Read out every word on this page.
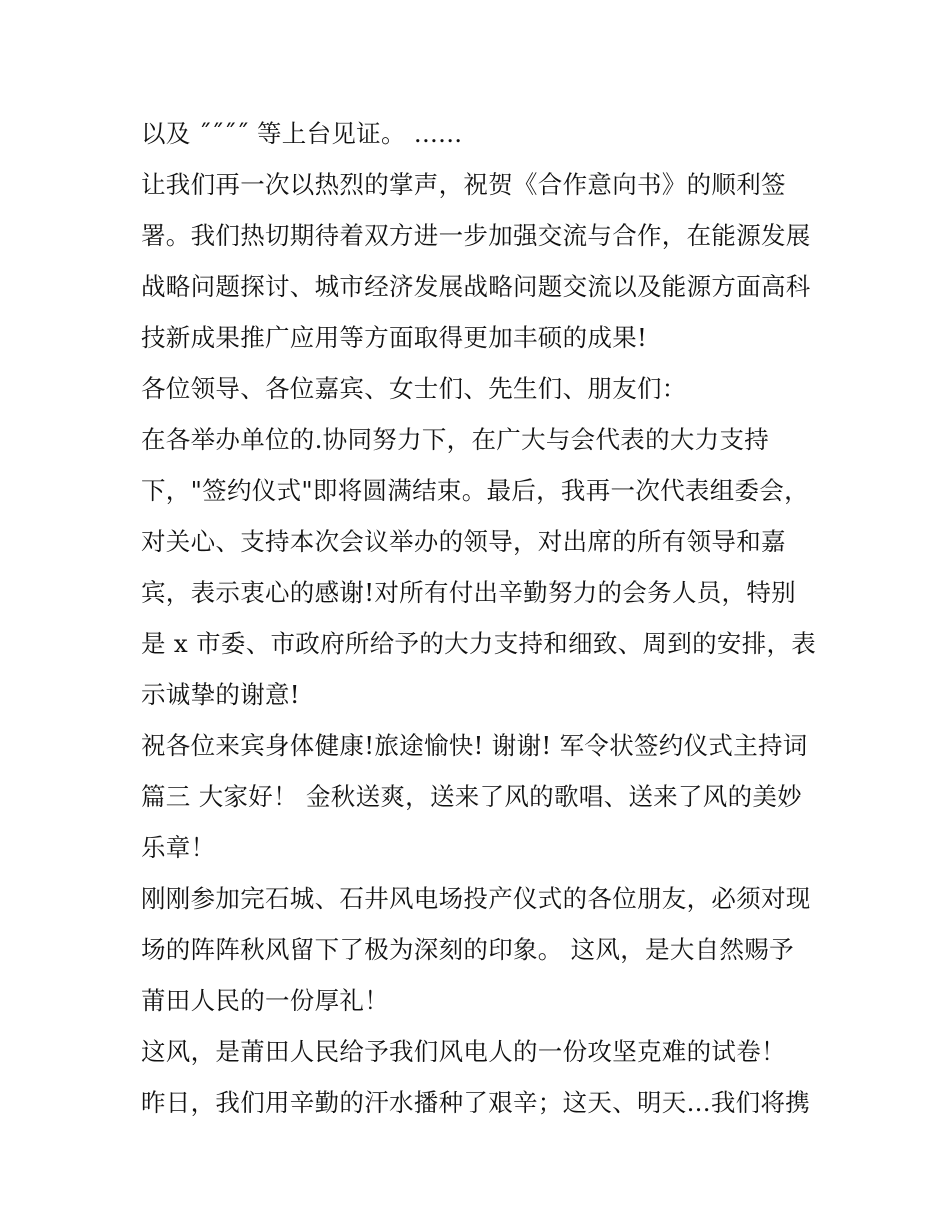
以及 ˝˝˝˝ 等上台见证。 ......
让我们再一次以热烈的掌声，祝贺《合作意向书》的顺利签
署。我们热切期待着双方进一步加强交流与合作，在能源发展
战略问题探讨、城市经济发展战略问题交流以及能源方面高科
技新成果推广应用等方面取得更加丰硕的成果!
各位领导、各位嘉宾、女士们、先生们、朋友们：
在各举办单位的.协同努力下，在广大与会代表的大力支持
下，"签约仪式"即将圆满结束。最后，我再一次代表组委会，
对关心、支持本次会议举办的领导，对出席的所有领导和嘉
宾，表示衷心的感谢!对所有付出辛勤努力的会务人员，特别
是 x 市委、市政府所给予的大力支持和细致、周到的安排，表
示诚挚的谢意!
祝各位来宾身体健康!旅途愉快! 谢谢! 军令状签约仪式主持词
篇三 大家好！ 金秋送爽，送来了风的歌唱、送来了风的美妙
乐章！
刚刚参加完石城、石井风电场投产仪式的各位朋友，必须对现
场的阵阵秋风留下了极为深刻的印象。 这风，是大自然赐予
莆田人民的一份厚礼！
这风，是莆田人民给予我们风电人的一份攻坚克难的试卷！
昨日，我们用辛勤的汗水播种了艰辛；这天、明天...我们将携
